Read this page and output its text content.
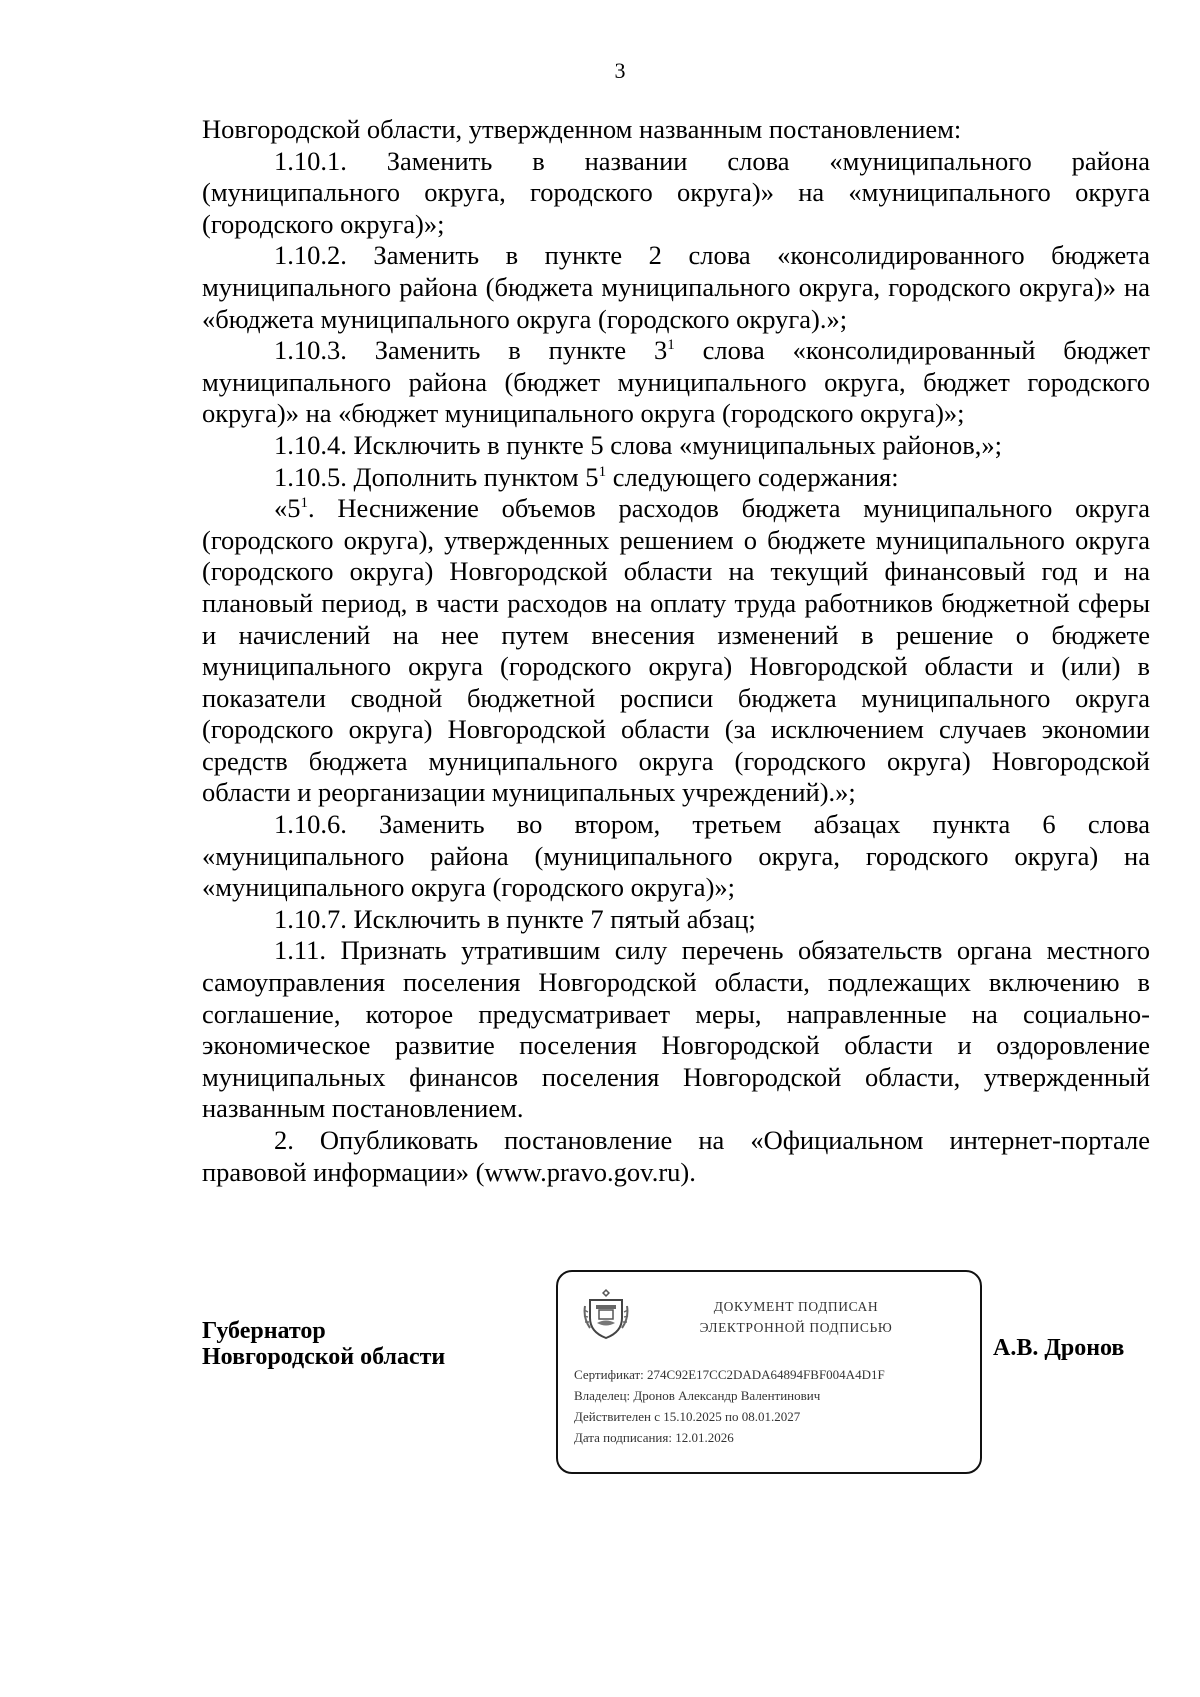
3

Новгородской области, утвержденном названным постановлением:

1.10.1. Заменить в названии слова «муниципального района (муниципального округа, городского округа)» на «муниципального округа (городского округа)»;

1.10.2. Заменить в пункте 2 слова «консолидированного бюджета муниципального района (бюджета муниципального округа, городского округа)» на «бюджета муниципального округа (городского округа).»;

1.10.3. Заменить в пункте $3^1$ слова «консолидированный бюджет муниципального района (бюджет муниципального округа, бюджет городского округа)» на «бюджет муниципального округа (городского округа)»;

1.10.4. Исключить в пункте 5 слова «муниципальных районов,»;

1.10.5. Дополнить пунктом $5^1$ следующего содержания:

«$5^1$. Неснижение объемов расходов бюджета муниципального округа (городского округа), утвержденных решением о бюджете муниципального округа (городского округа) Новгородской области на текущий финансовый год и на плановый период, в части расходов на оплату труда работников бюджетной сферы и начислений на нее путем внесения изменений в решение о бюджете муниципального округа (городского округа) Новгородской области и (или) в показатели сводной бюджетной росписи бюджета муниципального округа (городского округа) Новгородской области (за исключением случаев экономии средств бюджета муниципального округа (городского округа) Новгородской области и реорганизации муниципальных учреждений).»;

1.10.6. Заменить во втором, третьем абзацах пункта 6 слова «муниципального района (муниципального округа, городского округа) на «муниципального округа (городского округа)»;

1.10.7. Исключить в пункте 7 пятый абзац;

1.11. Признать утратившим силу перечень обязательств органа местного самоуправления поселения Новгородской области, подлежащих включению в соглашение, которое предусматривает меры, направленные на социально-экономическое развитие поселения Новгородской области и оздоровление муниципальных финансов поселения Новгородской области, утвержденный названным постановлением.

2. Опубликовать постановление на «Официальном интернет-портале правовой информации» (www.pravo.gov.ru).

Губернатор
Новгородской области
ДОКУМЕНТ ПОДПИСАН
ЭЛЕКТРОННОЙ ПОДПИСЬЮ
Сертификат: 274C92E17CC2DADA64894FBF004A4D1F
Владелец: Дронов Александр Валентинович
Действителен с 15.10.2025 по 08.01.2027
Дата подписания: 12.01.2026
А.В. Дронов
